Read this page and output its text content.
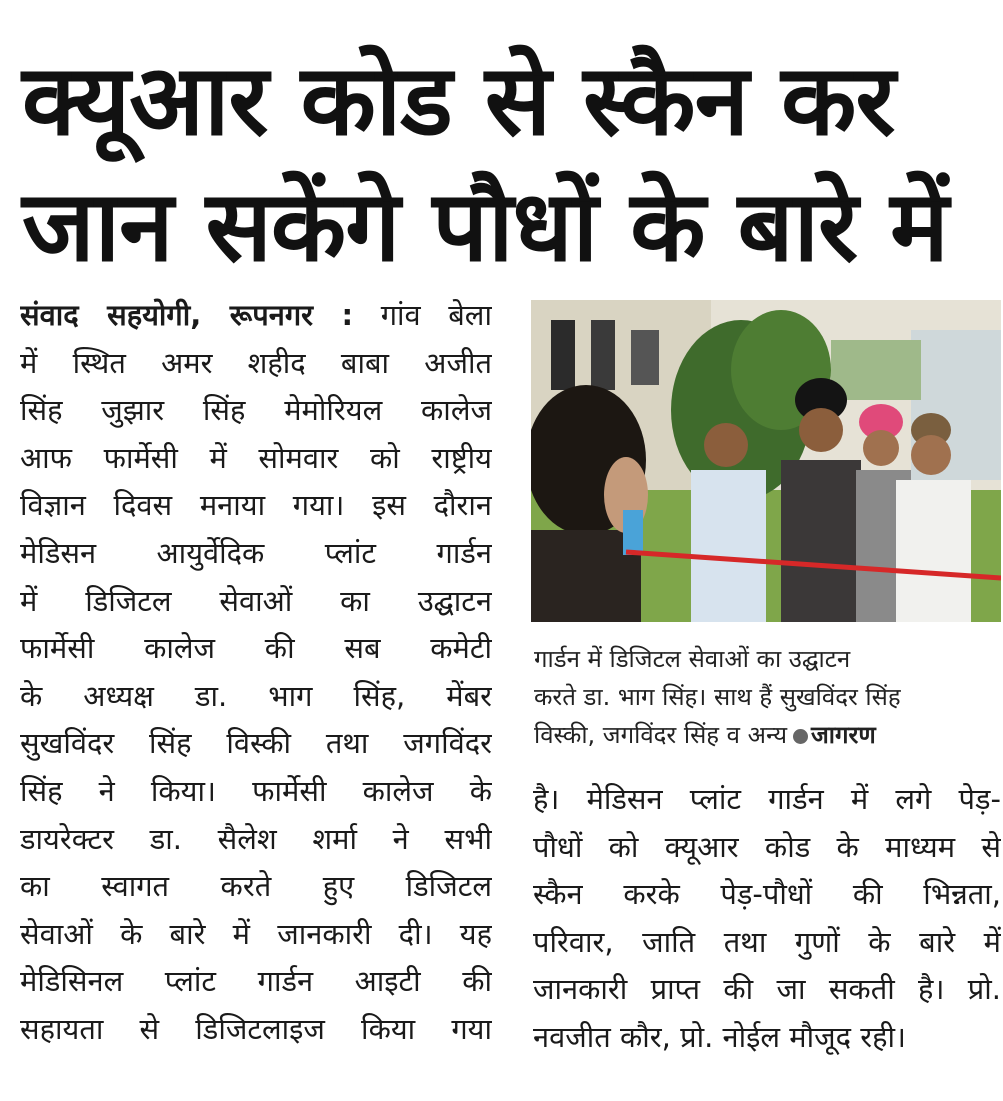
क्यूआर कोड से स्कैन कर
जान सकेंगे पौधों के बारे में

संवाद सहयोगी, रूपनगर : गांव बेला

में स्थित अमर शहीद बाबा अजीत

सिंह जुझार सिंह मेमोरियल कालेज

आफ फार्मेसी में सोमवार को राष्ट्रीय

विज्ञान दिवस मनाया गया। इस दौरान

मेडिसन आयुर्वेदिक प्लांट गार्डन

में डिजिटल सेवाओं का उद्घाटन

फार्मेसी कालेज की सब कमेटी

के अध्यक्ष डा. भाग सिंह, मेंबर

सुखविंदर सिंह विस्की तथा जगविंदर

सिंह ने किया। फार्मेसी कालेज के

डायरेक्टर डा. सैलेश शर्मा ने सभी

का स्वागत करते हुए डिजिटल

सेवाओं के बारे में जानकारी दी। यह

मेडिसिनल प्लांट गार्डन आइटी की

सहायता से डिजिटलाइज किया गया

गार्डन में डिजिटल सेवाओं का उद्घाटन

करते डा. भाग सिंह। साथ हैं सुखविंदर सिंह

विस्की, जगविंदर सिंह व अन्य जागरण

है। मेडिसन प्लांट गार्डन में लगे पेड़-

पौधों को क्यूआर कोड के माध्यम से

स्कैन करके पेड़-पौधों की भिन्नता,

परिवार, जाति तथा गुणों के बारे में

जानकारी प्राप्त की जा सकती है। प्रो.

नवजीत कौर, प्रो. नोईल मौजूद रही।
